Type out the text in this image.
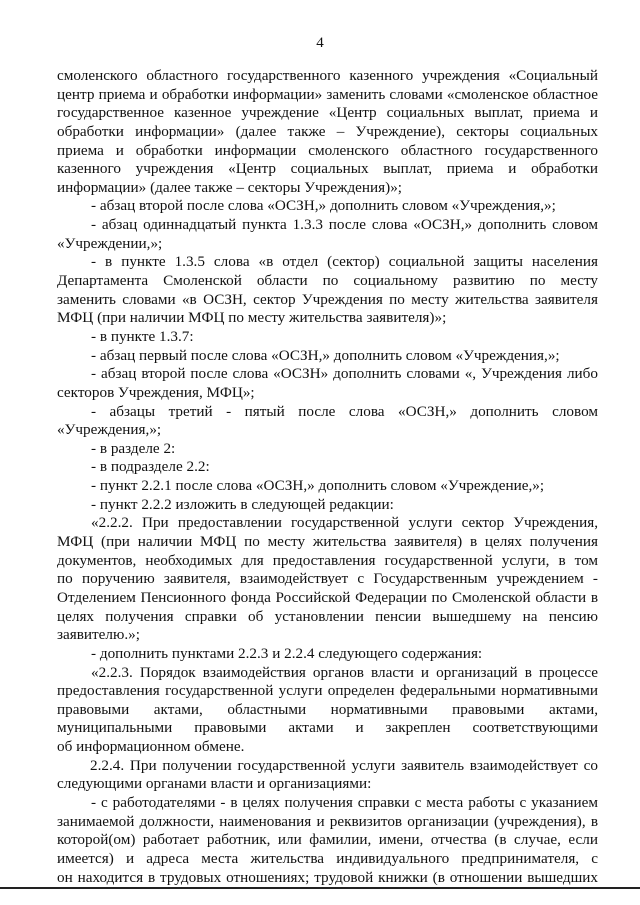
4
смоленского областного государственного казенного учреждения «Социальный
центр приема и обработки информации» заменить словами «смоленское областное
государственное казенное учреждение «Центр социальных выплат, приема и
обработки информации» (далее также – Учреждение), секторы социальных
приема и обработки информации смоленского областного государственного
казенного учреждения «Центр социальных выплат, приема и обработки
информации» (далее также – секторы Учреждения)»;
- абзац второй после слова «ОСЗН,» дополнить словом «Учреждения,»;
- абзац одиннадцатый пункта 1.3.3 после слова «ОСЗН,» дополнить словом
«Учреждении,»;
- в пункте 1.3.5 слова «в отдел (сектор) социальной защиты населения
Департамента Смоленской области по социальному развитию по месту
заменить словами «в ОСЗН, сектор Учреждения по месту жительства заявителя
МФЦ (при наличии МФЦ по месту жительства заявителя)»;
- в пункте 1.3.7:
- абзац первый после слова «ОСЗН,» дополнить словом «Учреждения,»;
- абзац второй после слова «ОСЗН» дополнить словами «, Учреждения либо
секторов Учреждения, МФЦ»;
- абзацы третий - пятый после слова «ОСЗН,» дополнить словом
«Учреждения,»;
- в разделе 2:
- в подразделе 2.2:
- пункт 2.2.1 после слова «ОСЗН,» дополнить словом «Учреждение,»;
- пункт 2.2.2 изложить в следующей редакции:
«2.2.2. При предоставлении государственной услуги сектор Учреждения,
МФЦ (при наличии МФЦ по месту жительства заявителя) в целях получения
документов, необходимых для предоставления государственной услуги, в том
по поручению заявителя, взаимодействует с Государственным учреждением -
Отделением Пенсионного фонда Российской Федерации по Смоленской области в
целях получения справки об установлении пенсии вышедшему на пенсию
заявителю.»;
- дополнить пунктами 2.2.3 и 2.2.4 следующего содержания:
«2.2.3. Порядок взаимодействия органов власти и организаций в процессе
предоставления государственной услуги определен федеральными нормативными
правовыми актами, областными нормативными правовыми актами,
муниципальными правовыми актами и закреплен соответствующими
об информационном обмене.
2.2.4. При получении государственной услуги заявитель взаимодействует со
следующими органами власти и организациями:
- с работодателями - в целях получения справки с места работы с указанием
занимаемой должности, наименования и реквизитов организации (учреждения), в
которой(ом) работает работник, или фамилии, имени, отчества (в случае, если
имеется) и адреса места жительства индивидуального предпринимателя, с
он находится в трудовых отношениях; трудовой книжки (в отношении вышедших
